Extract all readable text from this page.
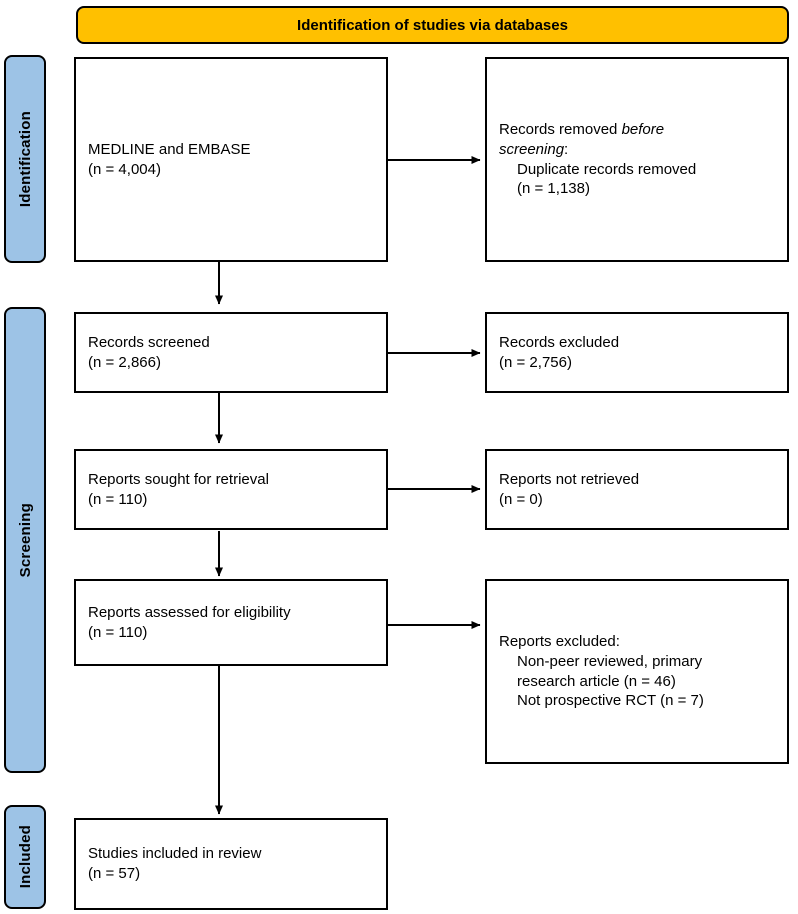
Identification of studies via databases
Identification
Screening
Included
MEDLINE and EMBASE
(n = 4,004)
Records removed before
screening:
Duplicate records removed
(n = 1,138)
Records screened
(n = 2,866)
Records excluded
(n = 2,756)
Reports sought for retrieval
(n = 110)
Reports not retrieved
(n = 0)
Reports assessed for eligibility
(n = 110)
Reports excluded:
Non-peer reviewed, primary
research article (n = 46)
Not prospective RCT (n = 7)
Studies included in review
(n = 57)
